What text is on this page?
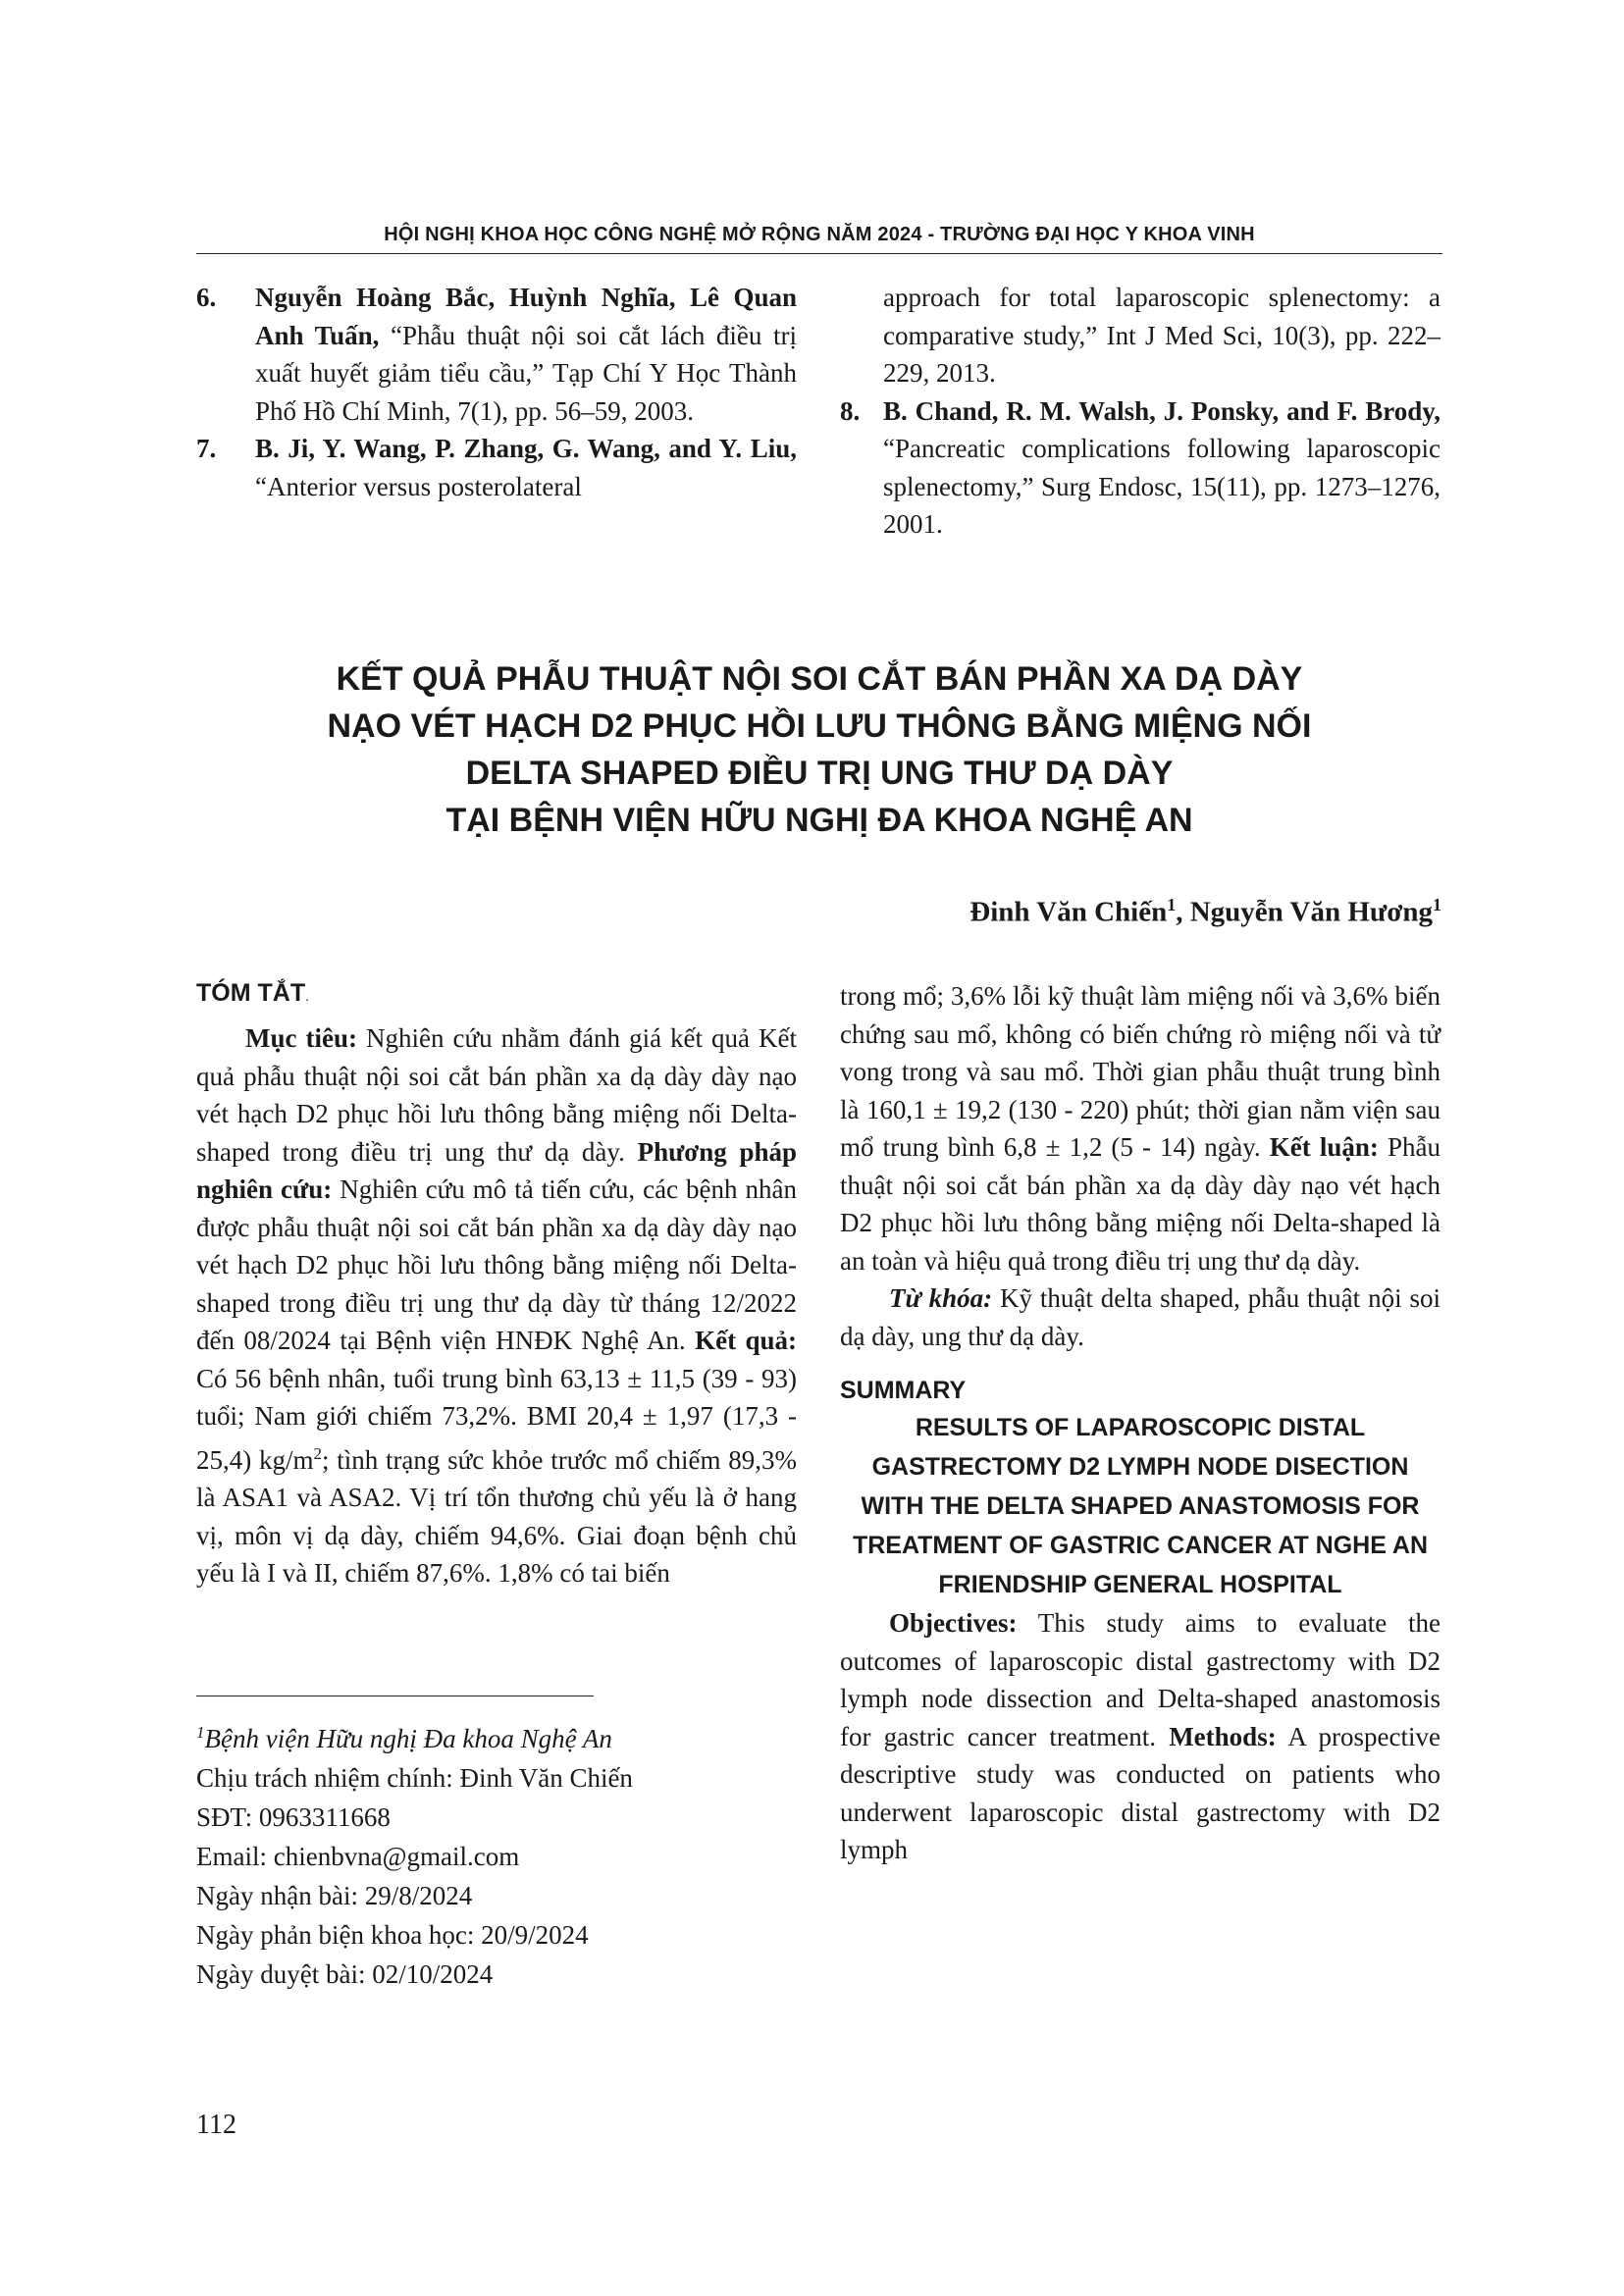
HỘI NGHỊ KHOA HỌC CÔNG NGHỆ MỞ RỘNG NĂM 2024 - TRƯỜNG ĐẠI HỌC Y KHOA VINH
6. Nguyễn Hoàng Bắc, Huỳnh Nghĩa, Lê Quan Anh Tuấn, “Phẫu thuật nội soi cắt lách điều trị xuất huyết giảm tiểu cầu,” Tạp Chí Y Học Thành Phố Hồ Chí Minh, 7(1), pp. 56–59, 2003.
7. B. Ji, Y. Wang, P. Zhang, G. Wang, and Y. Liu, “Anterior versus posterolateral
approach for total laparoscopic splenectomy: a comparative study,” Int J Med Sci, 10(3), pp. 222–229, 2013.
8. B. Chand, R. M. Walsh, J. Ponsky, and F. Brody, “Pancreatic complications following laparoscopic splenectomy,” Surg Endosc, 15(11), pp. 1273–1276, 2001.
KẾT QUẢ PHẪU THUẬT NỘI SOI CẮT BÁN PHẦN XA DẠ DÀY
NẠO VÉT HẠCH D2 PHỤC HỒI LƯU THÔNG BẰNG MIỆNG NỐI
DELTA SHAPED ĐIỀU TRỊ UNG THƯ DẠ DÀY
TẠI BỆNH VIỆN HỮU NGHỊ ĐA KHOA NGHỆ AN
Đinh Văn Chiến$^1$, Nguyễn Văn Hương$^1$

TÓM TẮT.

Mục tiêu: Nghiên cứu nhằm đánh giá kết quả Kết quả phẫu thuật nội soi cắt bán phần xa dạ dày dày nạo vét hạch D2 phục hồi lưu thông bằng miệng nối Delta-shaped trong điều trị ung thư dạ dày. Phương pháp nghiên cứu: Nghiên cứu mô tả tiến cứu, các bệnh nhân được phẫu thuật nội soi cắt bán phần xa dạ dày dày nạo vét hạch D2 phục hồi lưu thông bằng miệng nối Delta-shaped trong điều trị ung thư dạ dày từ tháng 12/2022 đến 08/2024 tại Bệnh viện HNĐK Nghệ An. Kết quả: Có 56 bệnh nhân, tuổi trung bình 63,13 ± 11,5 (39 - 93) tuổi; Nam giới chiếm 73,2%. BMI 20,4 ± 1,97 (17,3 - 25,4) $kg/m^2$; tình trạng sức khỏe trước mổ chiếm 89,3% là ASA1 và ASA2. Vị trí tổn thương chủ yếu là ở hang vị, môn vị dạ dày, chiếm 94,6%. Giai đoạn bệnh chủ yếu là I và II, chiếm 87,6%. 1,8% có tai biến

$^1$Bệnh viện Hữu nghị Đa khoa Nghệ An
Chịu trách nhiệm chính: Đinh Văn Chiến
SĐT: 0963311668
Email: chienbvna@gmail.com
Ngày nhận bài: 29/8/2024
Ngày phản biện khoa học: 20/9/2024
Ngày duyệt bài: 02/10/2024

trong mổ; 3,6% lỗi kỹ thuật làm miệng nối và 3,6% biến chứng sau mổ, không có biến chứng rò miệng nối và tử vong trong và sau mổ. Thời gian phẫu thuật trung bình là 160,1 ± 19,2 (130 - 220) phút; thời gian nằm viện sau mổ trung bình 6,8 ± 1,2 (5 - 14) ngày. Kết luận: Phẫu thuật nội soi cắt bán phần xa dạ dày dày nạo vét hạch D2 phục hồi lưu thông bằng miệng nối Delta-shaped là an toàn và hiệu quả trong điều trị ung thư dạ dày.

Từ khóa: Kỹ thuật delta shaped, phẫu thuật nội soi dạ dày, ung thư dạ dày.

SUMMARY

RESULTS OF LAPAROSCOPIC DISTAL GASTRECTOMY D2 LYMPH NODE DISECTION WITH THE DELTA SHAPED ANASTOMOSIS FOR TREATMENT OF GASTRIC CANCER AT NGHE AN FRIENDSHIP GENERAL HOSPITAL

Objectives: This study aims to evaluate the outcomes of laparoscopic distal gastrectomy with D2 lymph node dissection and Delta-shaped anastomosis for gastric cancer treatment. Methods: A prospective descriptive study was conducted on patients who underwent laparoscopic distal gastrectomy with D2 lymph

112
